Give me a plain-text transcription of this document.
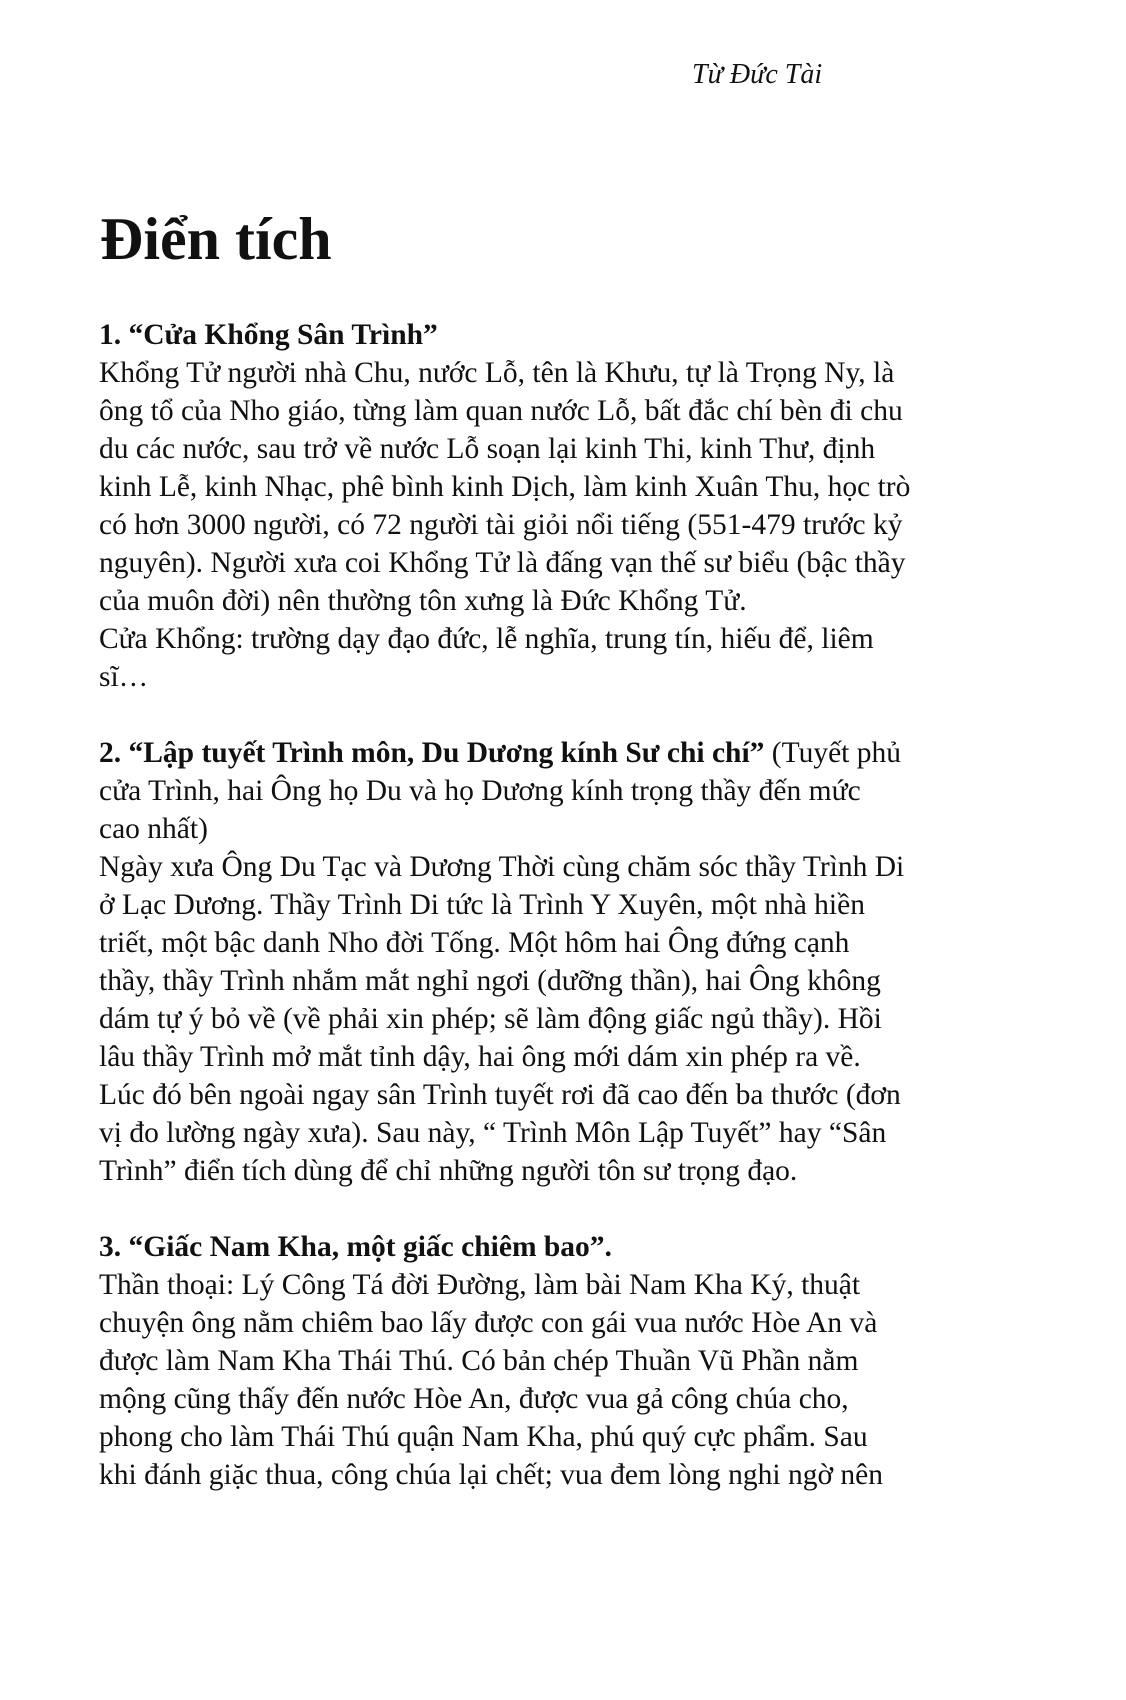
Từ Đức Tài
Điển tích
1. “Cửa Khổng Sân Trình”
Khổng Tử người nhà Chu, nước Lỗ, tên là Khưu, tự là Trọng Ny, là
ông tổ của Nho giáo, từng làm quan nước Lỗ, bất đắc chí bèn đi chu
du các nước, sau trở về nước Lỗ soạn lại kinh Thi, kinh Thư, định
kinh Lễ, kinh Nhạc, phê bình kinh Dịch, làm kinh Xuân Thu, học trò
có hơn 3000 người, có 72 người tài giỏi nổi tiếng (551-479 trước kỷ
nguyên). Người xưa coi Khổng Tử là đấng vạn thế sư biểu (bậc thầy
của muôn đời) nên thường tôn xưng là Đức Khổng Tử.
Cửa Khổng: trường dạy đạo đức, lễ nghĩa, trung tín, hiếu để, liêm
sĩ…
2. “Lập tuyết Trình môn, Du Dương kính Sư chi chí” (Tuyết phủ
cửa Trình, hai Ông họ Du và họ Dương kính trọng thầy đến mức
cao nhất)
Ngày xưa Ông Du Tạc và Dương Thời cùng chăm sóc thầy Trình Di
ở Lạc Dương. Thầy Trình Di tức là Trình Y Xuyên, một nhà hiền
triết, một bậc danh Nho đời Tống. Một hôm hai Ông đứng cạnh
thầy, thầy Trình nhắm mắt nghỉ ngơi (dưỡng thần), hai Ông không
dám tự ý bỏ về (về phải xin phép; sẽ làm động giấc ngủ thầy). Hồi
lâu thầy Trình mở mắt tỉnh dậy, hai ông mới dám xin phép ra về.
Lúc đó bên ngoài ngay sân Trình tuyết rơi đã cao đến ba thước (đơn
vị đo lường ngày xưa). Sau này, “ Trình Môn Lập Tuyết” hay “Sân
Trình” điển tích dùng để chỉ những người tôn sư trọng đạo.
3. “Giấc Nam Kha, một giấc chiêm bao”.
Thần thoại: Lý Công Tá đời Đường, làm bài Nam Kha Ký, thuật
chuyện ông nằm chiêm bao lấy được con gái vua nước Hòe An và
được làm Nam Kha Thái Thú. Có bản chép Thuần Vũ Phần nằm
mộng cũng thấy đến nước Hòe An, được vua gả công chúa cho,
phong cho làm Thái Thú quận Nam Kha, phú quý cực phẩm. Sau
khi đánh giặc thua, công chúa lại chết; vua đem lòng nghi ngờ nên
